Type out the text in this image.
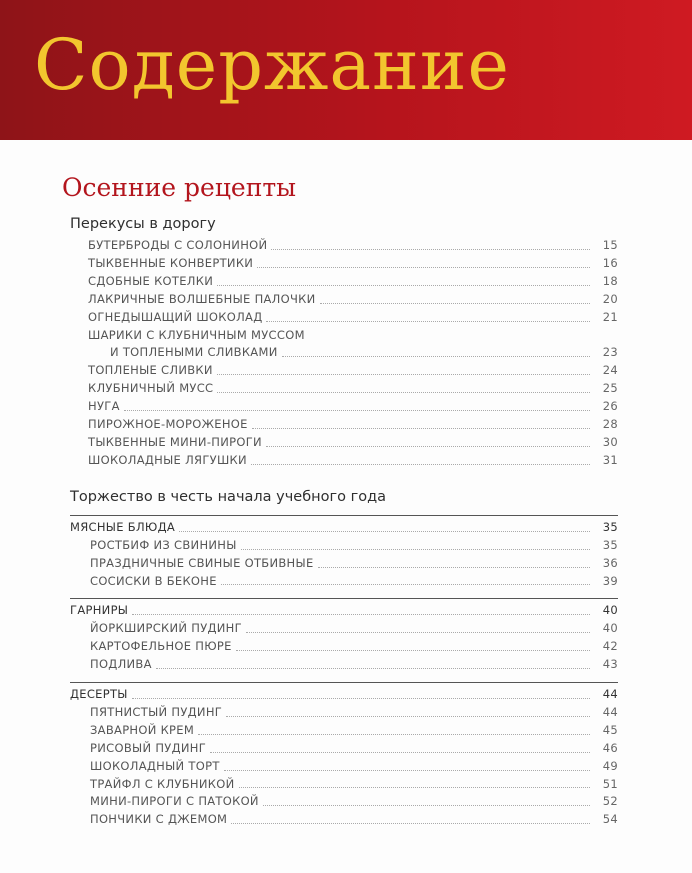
Содержание
Осенние рецепты
Перекусы в дорогу
БУТЕРБРОДЫ С СОЛОНИНОЙ	15
ТЫКВЕННЫЕ КОНВЕРТИКИ	16
СДОБНЫЕ КОТЕЛКИ	18
ЛАКРИЧНЫЕ ВОЛШЕБНЫЕ ПАЛОЧКИ	20
ОГНЕДЫШАЩИЙ ШОКОЛАД	21
ШАРИКИ С КЛУБНИЧНЫМ МУССОМ
И ТОПЛЕНЫМИ СЛИВКАМИ	23
ТОПЛЕНЫЕ СЛИВКИ	24
КЛУБНИЧНЫЙ МУСС	25
НУГА	26
ПИРОЖНОЕ-МОРОЖЕНОЕ	28
ТЫКВЕННЫЕ МИНИ-ПИРОГИ	30
ШОКОЛАДНЫЕ ЛЯГУШКИ	31
Торжество в честь начала учебного года
МЯСНЫЕ БЛЮДА	35
РОСТБИФ ИЗ СВИНИНЫ	35
ПРАЗДНИЧНЫЕ СВИНЫЕ ОТБИВНЫЕ	36
СОСИСКИ В БЕКОНЕ	39
ГАРНИРЫ	40
ЙОРКШИРСКИЙ ПУДИНГ	40
КАРТОФЕЛЬНОЕ ПЮРЕ	42
ПОДЛИВА	43
ДЕСЕРТЫ	44
ПЯТНИСТЫЙ ПУДИНГ	44
ЗАВАРНОЙ КРЕМ	45
РИСОВЫЙ ПУДИНГ	46
ШОКОЛАДНЫЙ ТОРТ	49
ТРАЙФЛ С КЛУБНИКОЙ	51
МИНИ-ПИРОГИ С ПАТОКОЙ	52
ПОНЧИКИ С ДЖЕМОМ	54
